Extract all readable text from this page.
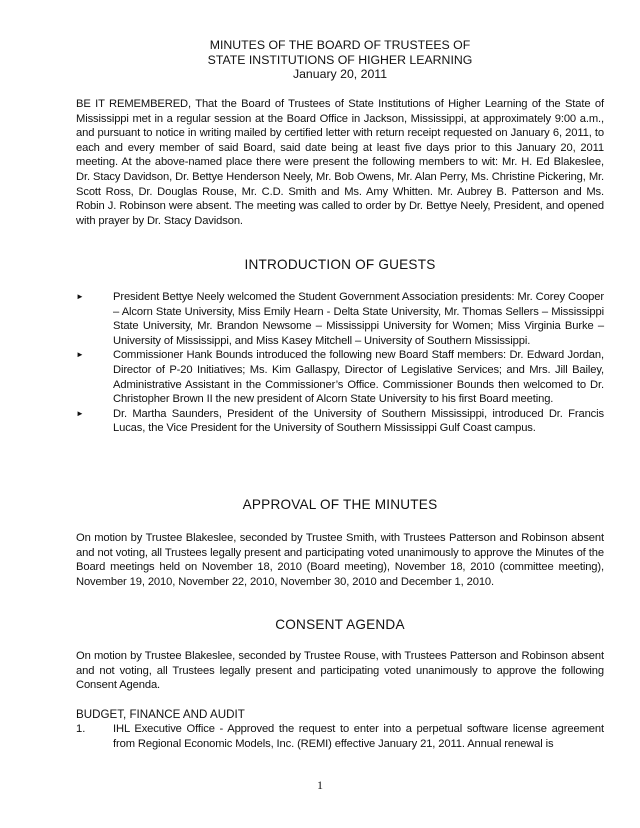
MINUTES OF THE BOARD OF TRUSTEES OF
STATE INSTITUTIONS OF HIGHER LEARNING
January 20, 2011
BE IT REMEMBERED, That the Board of Trustees of State Institutions of Higher Learning of the State of Mississippi met in a regular session at the Board Office in Jackson, Mississippi, at approximately 9:00 a.m., and pursuant to notice in writing mailed by certified letter with return receipt requested on January 6, 2011, to each and every member of said Board, said date being at least five days prior to this January 20, 2011 meeting. At the above-named place there were present the following members to wit: Mr. H. Ed Blakeslee, Dr. Stacy Davidson, Dr. Bettye Henderson Neely, Mr. Bob Owens, Mr. Alan Perry, Ms. Christine Pickering, Mr. Scott Ross, Dr. Douglas Rouse, Mr. C.D. Smith and Ms. Amy Whitten. Mr. Aubrey B. Patterson and Ms. Robin J. Robinson were absent. The meeting was called to order by Dr. Bettye Neely, President, and opened with prayer by Dr. Stacy Davidson.
INTRODUCTION OF GUESTS
►	President Bettye Neely welcomed the Student Government Association presidents: Mr. Corey Cooper – Alcorn State University, Miss Emily Hearn - Delta State University, Mr. Thomas Sellers – Mississippi State University, Mr. Brandon Newsome – Mississippi University for Women; Miss Virginia Burke – University of Mississippi, and Miss Kasey Mitchell – University of Southern Mississippi.
►	Commissioner Hank Bounds introduced the following new Board Staff members: Dr. Edward Jordan, Director of P-20 Initiatives; Ms. Kim Gallaspy, Director of Legislative Services; and Mrs. Jill Bailey, Administrative Assistant in the Commissioner’s Office. Commissioner Bounds then welcomed to Dr. Christopher Brown II the new president of Alcorn State University to his first Board meeting.
►	Dr. Martha Saunders, President of the University of Southern Mississippi, introduced Dr. Francis Lucas, the Vice President for the University of Southern Mississippi Gulf Coast campus.
APPROVAL OF THE MINUTES
On motion by Trustee Blakeslee, seconded by Trustee Smith, with Trustees Patterson and Robinson absent and not voting, all Trustees legally present and participating voted unanimously to approve the Minutes of the Board meetings held on November 18, 2010 (Board meeting), November 18, 2010 (committee meeting), November 19, 2010, November 22, 2010, November 30, 2010 and December 1, 2010.
CONSENT AGENDA
On motion by Trustee Blakeslee, seconded by Trustee Rouse, with Trustees Patterson and Robinson absent and not voting, all Trustees legally present and participating voted unanimously to approve the following Consent Agenda.
BUDGET, FINANCE AND AUDIT
1. IHL Executive Office - Approved the request to enter into a perpetual software license agreement from Regional Economic Models, Inc. (REMI) effective January 21, 2011. Annual renewal is
1
